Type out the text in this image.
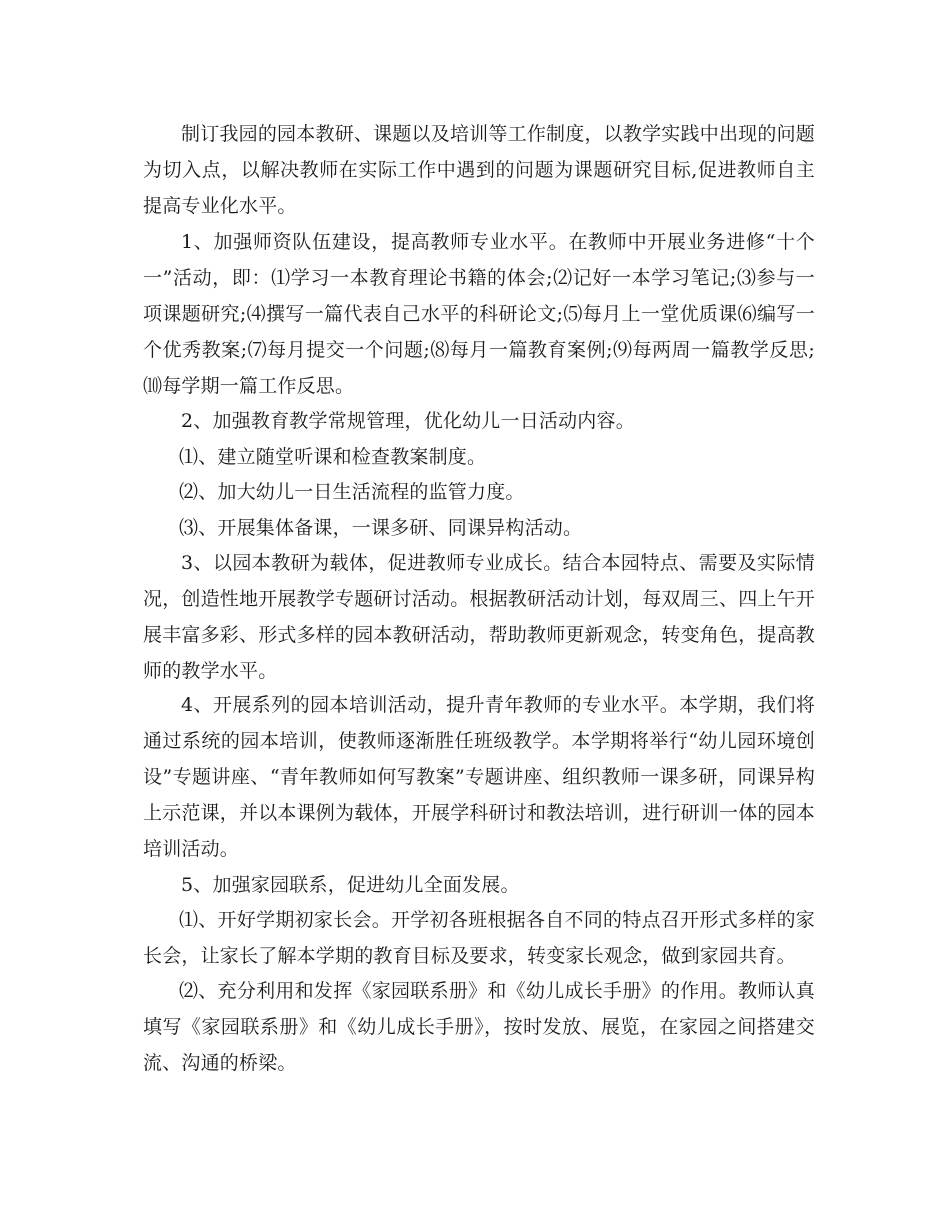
制订我园的园本教研、课题以及培训等工作制度，以教学实践中出现的问题为切入点，以解决教师在实际工作中遇到的问题为课题研究目标,促进教师自主提高专业化水平。

1、加强师资队伍建设，提高教师专业水平。在教师中开展业务进修“十个一”活动，即：⑴学习一本教育理论书籍的体会;⑵记好一本学习笔记;⑶参与一项课题研究;⑷撰写一篇代表自己水平的科研论文;⑸每月上一堂优质课⑹编写一个优秀教案;⑺每月提交一个问题;⑻每月一篇教育案例;⑼每两周一篇教学反思;⑽每学期一篇工作反思。

2、加强教育教学常规管理，优化幼儿一日活动内容。

⑴、建立随堂听课和检查教案制度。

⑵、加大幼儿一日生活流程的监管力度。

⑶、开展集体备课，一课多研、同课异构活动。

3、以园本教研为载体，促进教师专业成长。结合本园特点、需要及实际情况，创造性地开展教学专题研讨活动。根据教研活动计划，每双周三、四上午开展丰富多彩、形式多样的园本教研活动，帮助教师更新观念，转变角色，提高教师的教学水平。

4、开展系列的园本培训活动，提升青年教师的专业水平。本学期，我们将通过系统的园本培训，使教师逐渐胜任班级教学。本学期将举行“幼儿园环境创设”专题讲座、“青年教师如何写教案”专题讲座、组织教师一课多研，同课异构上示范课，并以本课例为载体，开展学科研讨和教法培训，进行研训一体的园本培训活动。

5、加强家园联系，促进幼儿全面发展。

⑴、开好学期初家长会。开学初各班根据各自不同的特点召开形式多样的家长会，让家长了解本学期的教育目标及要求，转变家长观念，做到家园共育。

⑵、充分利用和发挥《家园联系册》和《幼儿成长手册》的作用。教师认真填写《家园联系册》和《幼儿成长手册》，按时发放、展览，在家园之间搭建交流、沟通的桥梁。
